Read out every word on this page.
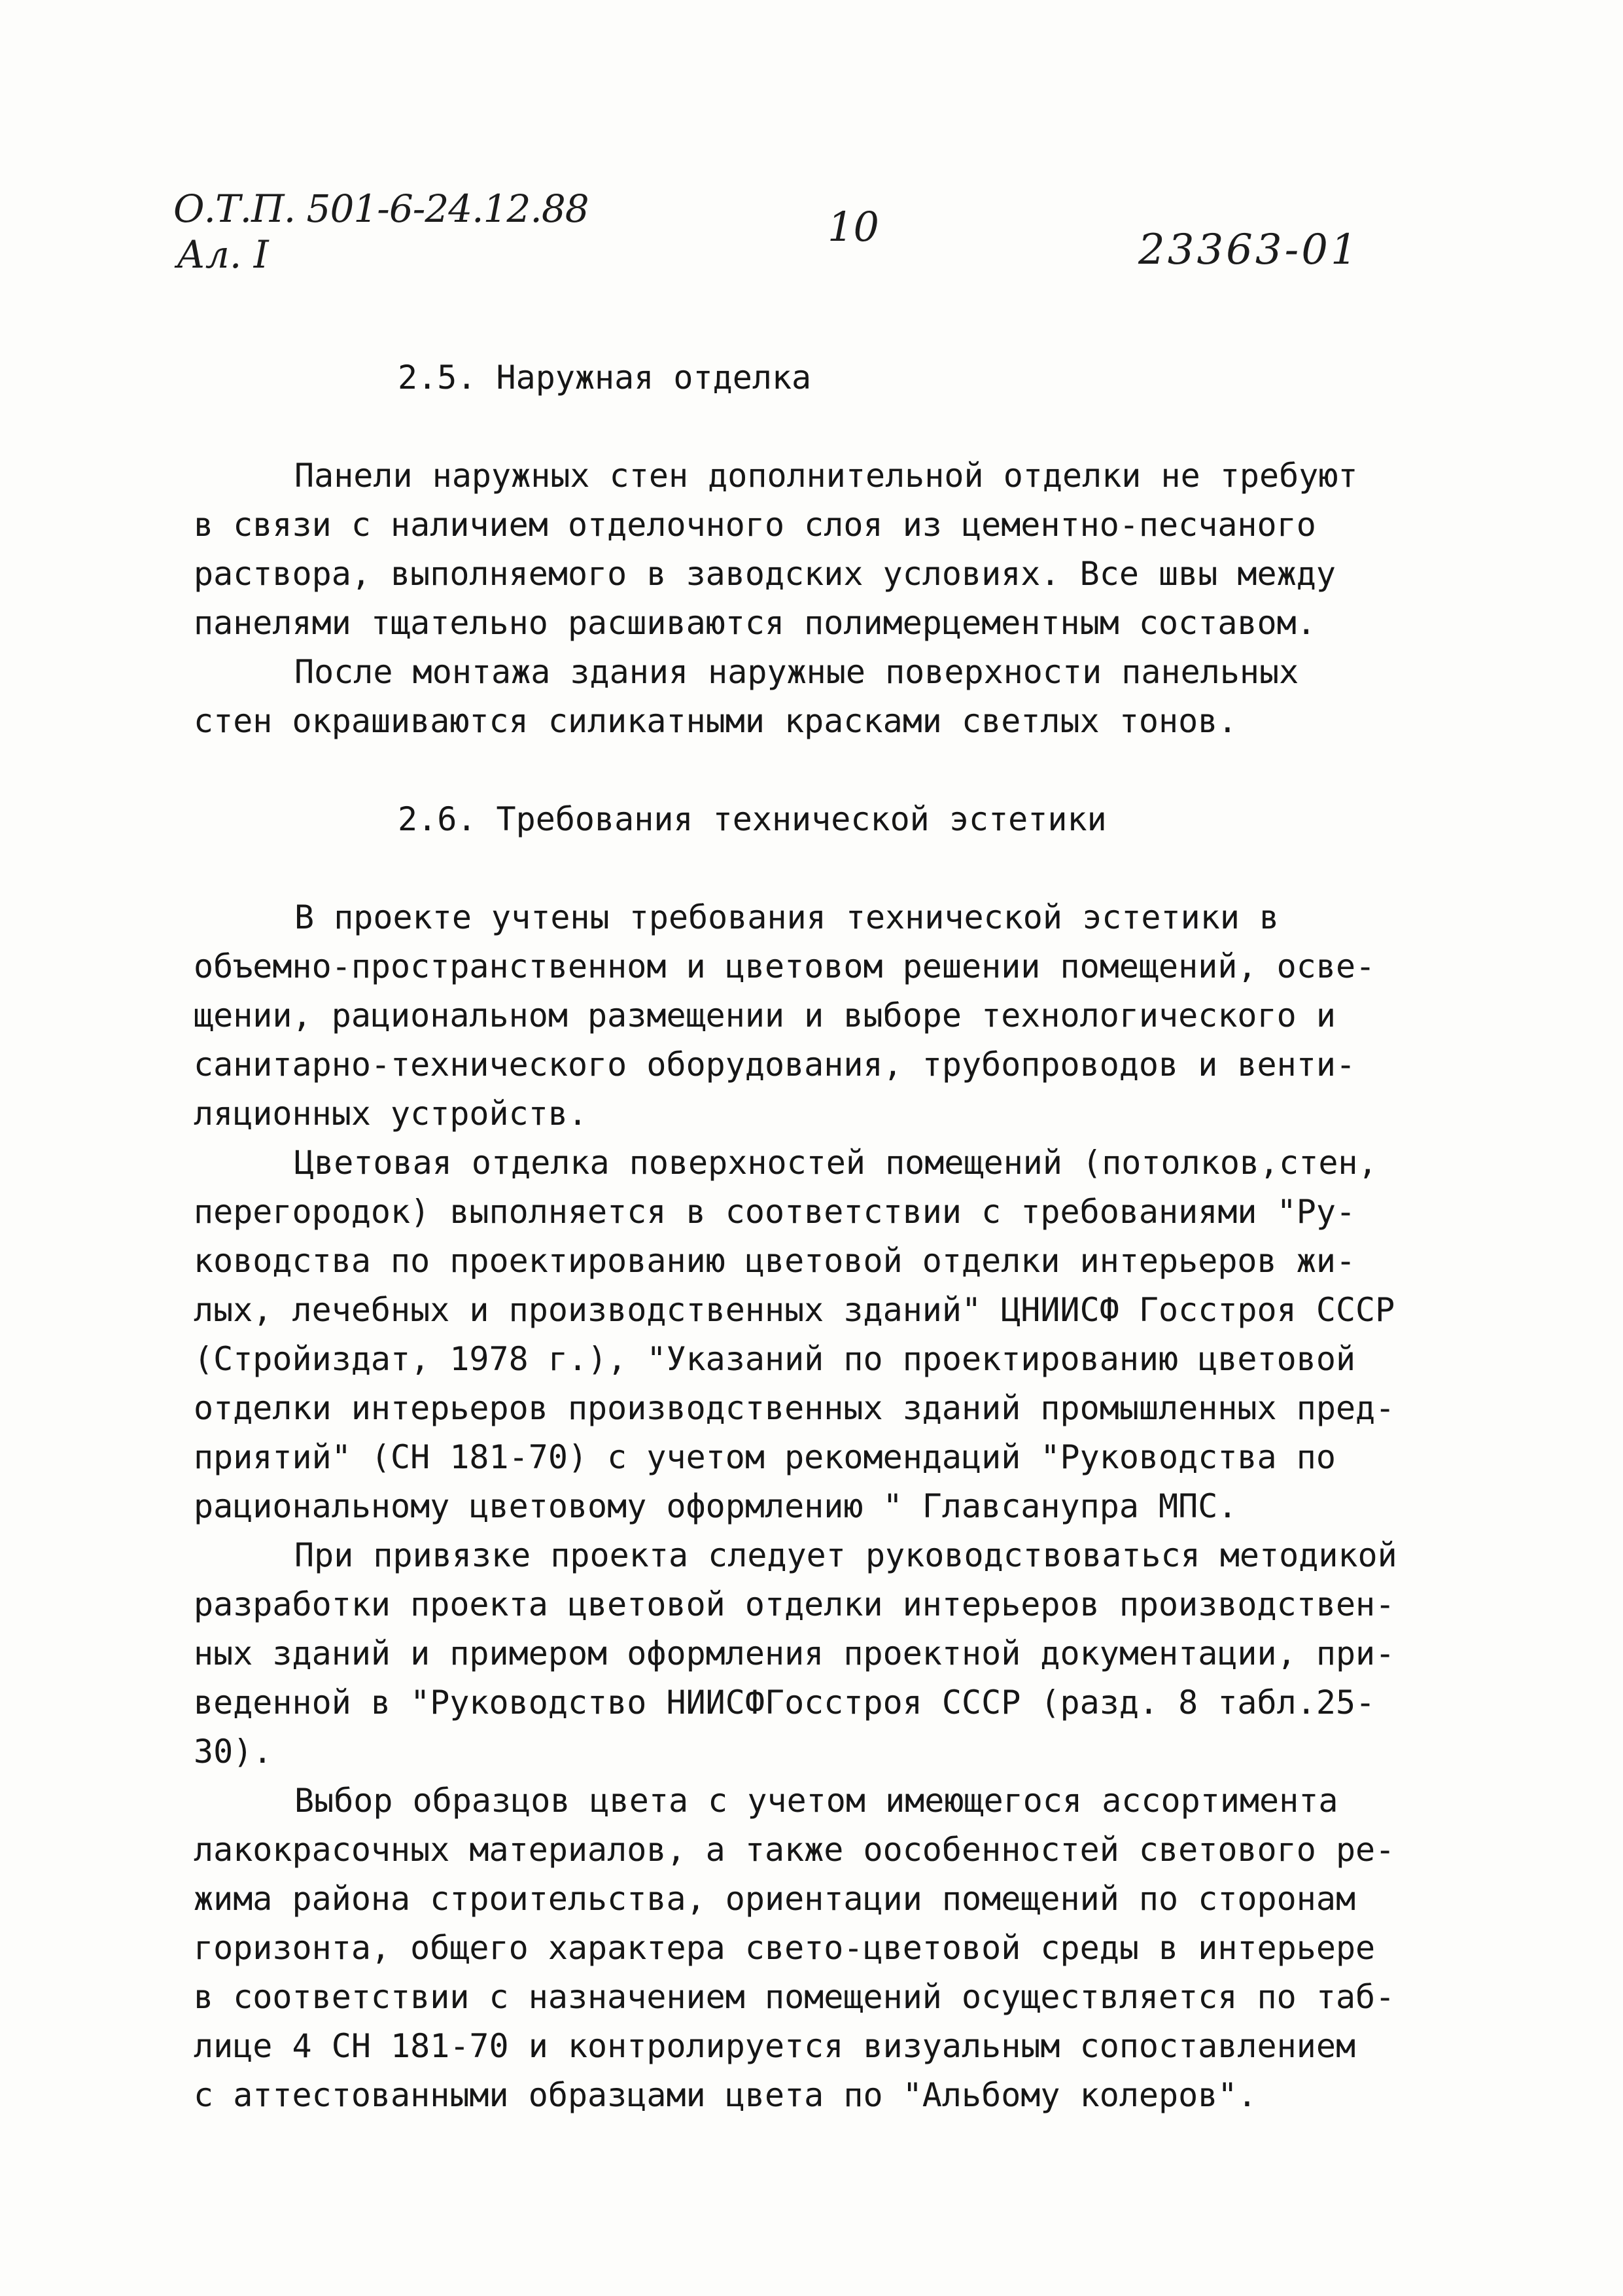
О.Т.П. 501-6-24.12.88
Ал. I
10	23363-01
2.5. Наружная отделка
Панели наружных стен дополнительной отделки не требуют
в связи с наличием отделочного слоя из цементно-песчаного
раствора, выполняемого в заводских условиях. Все швы между
панелями тщательно расшиваются полимерцементным составом.
После монтажа здания наружные поверхности панельных
стен окрашиваются силикатными красками светлых тонов.
2.6. Требования технической эстетики
В проекте учтены требования технической эстетики в
объемно-пространственном и цветовом решении помещений, осве-
щении, рациональном размещении и выборе технологического и
санитарно-технического оборудования, трубопроводов и венти-
ляционных устройств.
Цветовая отделка поверхностей помещений (потолков,стен,
перегородок) выполняется в соответствии с требованиями "Ру-
ководства по проектированию цветовой отделки интерьеров жи-
лых, лечебных и производственных зданий" ЦНИИСФ Госстроя СССР
(Стройиздат, 1978 г.), "Указаний по проектированию цветовой
отделки интерьеров производственных зданий промышленных пред-
приятий" (СН 181-70) с учетом рекомендаций "Руководства по
рациональному цветовому оформлению " Главсанупра МПС.
При привязке проекта следует руководствоваться методикой
разработки проекта цветовой отделки интерьеров производствен-
ных зданий и примером оформления проектной документации, при-
веденной в "Руководство НИИСФГосстроя СССР (разд. 8 табл.25-
30).
Выбор образцов цвета с учетом имеющегося ассортимента
лакокрасочных материалов, а также оособенностей светового ре-
жима района строительства, ориентации помещений по сторонам
горизонта, общего характера свето-цветовой среды в интерьере
в соответствии с назначением помещений осуществляется по таб-
лице 4 СН 181-70 и контролируется визуальным сопоставлением
с аттестованными образцами цвета по "Альбому колеров".
